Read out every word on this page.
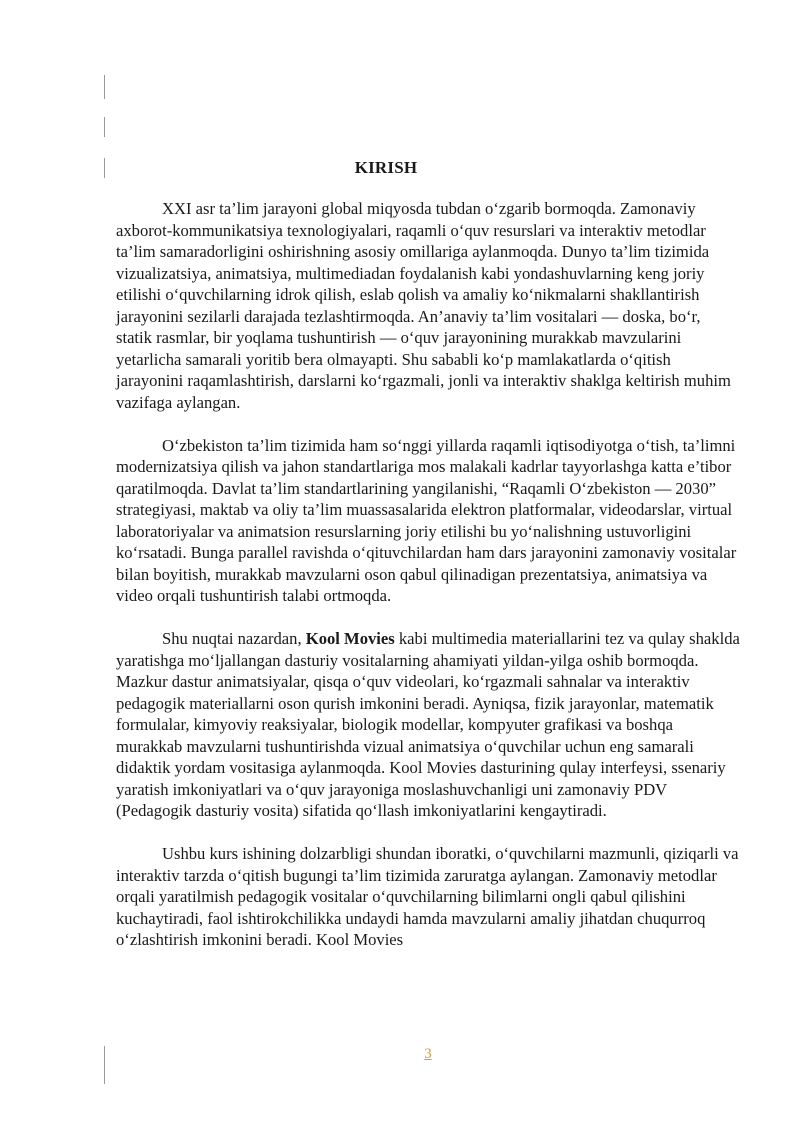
KIRISH

XXI asr ta’lim jarayoni global miqyosda tubdan o‘zgarib bormoqda. Zamonaviy axborot-kommunikatsiya texnologiyalari, raqamli o‘quv resurslari va interaktiv metodlar ta’lim samaradorligini oshirishning asosiy omillariga aylanmoqda. Dunyo ta’lim tizimida vizualizatsiya, animatsiya, multimediadan foydalanish kabi yondashuvlarning keng joriy etilishi o‘quvchilarning idrok qilish, eslab qolish va amaliy ko‘nikmalarni shakllantirish jarayonini sezilarli darajada tezlashtirmoqda. An’anaviy ta’lim vositalari — doska, bo‘r, statik rasmlar, bir yoqlama tushuntirish — o‘quv jarayonining murakkab mavzularini yetarlicha samarali yoritib bera olmayapti. Shu sababli ko‘p mamlakatlarda o‘qitish jarayonini raqamlashtirish, darslarni ko‘rgazmali, jonli va interaktiv shaklga keltirish muhim vazifaga aylangan.

O‘zbekiston ta’lim tizimida ham so‘nggi yillarda raqamli iqtisodiyotga o‘tish, ta’limni modernizatsiya qilish va jahon standartlariga mos malakali kadrlar tayyorlashga katta e’tibor qaratilmoqda. Davlat ta’lim standartlarining yangilanishi, “Raqamli O‘zbekiston — 2030” strategiyasi, maktab va oliy ta’lim muassasalarida elektron platformalar, videodarslar, virtual laboratoriyalar va animatsion resurslarning joriy etilishi bu yo‘nalishning ustuvorligini ko‘rsatadi. Bunga parallel ravishda o‘qituvchilardan ham dars jarayonini zamonaviy vositalar bilan boyitish, murakkab mavzularni oson qabul qilinadigan prezentatsiya, animatsiya va video orqali tushuntirish talabi ortmoqda.

Shu nuqtai nazardan, Kool Movies kabi multimedia materiallarini tez va qulay shaklda yaratishga mo‘ljallangan dasturiy vositalarning ahamiyati yildan-yilga oshib bormoqda. Mazkur dastur animatsiyalar, qisqa o‘quv videolari, ko‘rgazmali sahnalar va interaktiv pedagogik materiallarni oson qurish imkonini beradi. Ayniqsa, fizik jarayonlar, matematik formulalar, kimyoviy reaksiyalar, biologik modellar, kompyuter grafikasi va boshqa murakkab mavzularni tushuntirishda vizual animatsiya o‘quvchilar uchun eng samarali didaktik yordam vositasiga aylanmoqda. Kool Movies dasturining qulay interfeysi, ssenariy yaratish imkoniyatlari va o‘quv jarayoniga moslashuvchanligi uni zamonaviy PDV (Pedagogik dasturiy vosita) sifatida qo‘llash imkoniyatlarini kengaytiradi.

Ushbu kurs ishining dolzarbligi shundan iboratki, o‘quvchilarni mazmunli, qiziqarli va interaktiv tarzda o‘qitish bugungi ta’lim tizimida zaruratga aylangan. Zamonaviy metodlar orqali yaratilmish pedagogik vositalar o‘quvchilarning bilimlarni ongli qabul qilishini kuchaytiradi, faol ishtirokchilikka undaydi hamda mavzularni amaliy jihatdan chuqurroq o‘zlashtirish imkonini beradi. Kool Movies

3
